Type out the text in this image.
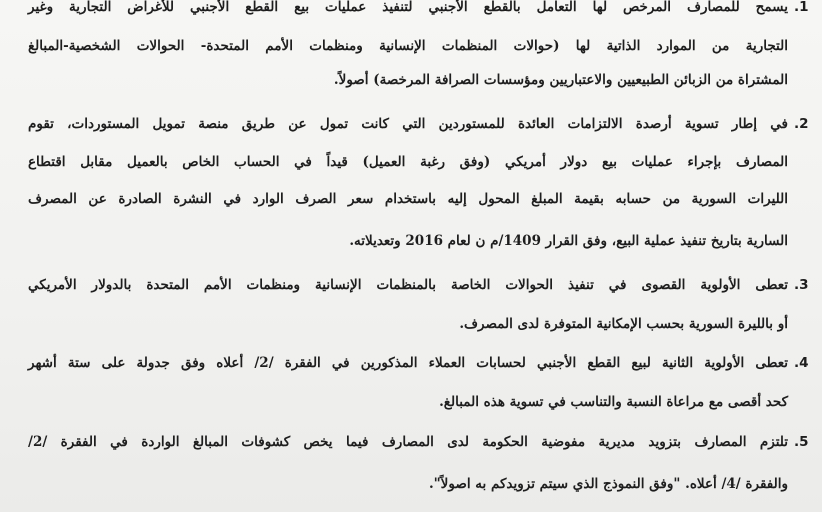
.1
يسمح للمصارف المرخص لها التعامل بالقطع الأجنبي لتنفيذ عمليات بيع القطع الأجنبي للأغراض التجارية وغير
التجارية من الموارد الذاتية لها (حوالات المنظمات الإنسانية ومنظمات الأمم المتحدة- الحوالات الشخصية-المبالغ
المشتراة من الزبائن الطبيعيين والاعتباريين ومؤسسات الصرافة المرخصة) أصولاً.
.2
في إطار تسوية أرصدة الالتزامات العائدة للمستوردين التي كانت تمول عن طريق منصة تمويل المستوردات، تقوم
المصارف بإجراء عمليات بيع دولار أمريكي (وفق رغبة العميل) قيداً في الحساب الخاص بالعميل مقابل اقتطاع
الليرات السورية من حسابه بقيمة المبلغ المحول إليه باستخدام سعر الصرف الوارد في النشرة الصادرة عن المصرف
السارية بتاريخ تنفيذ عملية البيع، وفق القرار 1409/م ن لعام 2016 وتعديلاته.
.3
تعطى الأولوية القصوى في تنفيذ الحوالات الخاصة بالمنظمات الإنسانية ومنظمات الأمم المتحدة بالدولار الأمريكي
أو بالليرة السورية بحسب الإمكانية المتوفرة لدى المصرف.
.4
تعطى الأولوية الثانية لبيع القطع الأجنبي لحسابات العملاء المذكورين في الفقرة /2/ أعلاه وفق جدولة على ستة أشهر
كحد أقصى مع مراعاة النسبة والتناسب في تسوية هذه المبالغ.
.5
تلتزم المصارف بتزويد مديرية مفوضية الحكومة لدى المصارف فيما يخص كشوفات المبالغ الواردة في الفقرة /2/
والفقرة /4/ أعلاه. "وفق النموذج الذي سيتم تزويدكم به اصولاً".
